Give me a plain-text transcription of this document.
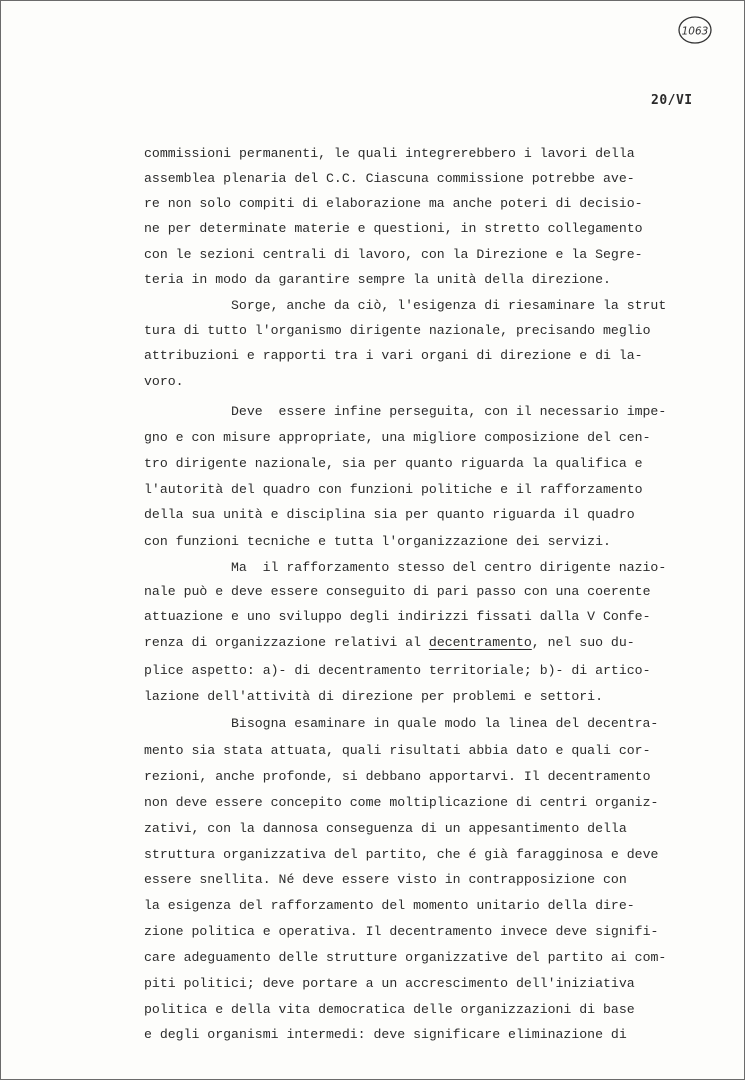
1063
20/VI
commissioni permanenti, le quali integrerebbero i lavori della
assemblea plenaria del C.C. Ciascuna commissione potrebbe ave-
re non solo compiti di elaborazione ma anche poteri di decisio-
ne per determinate materie e questioni, in stretto collegamento
con le sezioni centrali di lavoro, con la Direzione e la Segre-
teria in modo da garantire sempre la unità della direzione.
Sorge, anche da ciò, l'esigenza di riesaminare la strut
tura di tutto l'organismo dirigente nazionale, precisando meglio
attribuzioni e rapporti tra i vari organi di direzione e di la-
voro.
Deve  essere infine perseguita, con il necessario impe-
gno e con misure appropriate, una migliore composizione del cen-
tro dirigente nazionale, sia per quanto riguarda la qualifica e
l'autorità del quadro con funzioni politiche e il rafforzamento
della sua unità e disciplina sia per quanto riguarda il quadro
con funzioni tecniche e tutta l'organizzazione dei servizi.
Ma  il rafforzamento stesso del centro dirigente nazio-
nale può e deve essere conseguito di pari passo con una coerente
attuazione e uno sviluppo degli indirizzi fissati dalla V Confe-
renza di organizzazione relativi al decentramento, nel suo du-
plice aspetto: a)- di decentramento territoriale; b)- di artico-
lazione dell'attività di direzione per problemi e settori.
Bisogna esaminare in quale modo la linea del decentra-
mento sia stata attuata, quali risultati abbia dato e quali cor-
rezioni, anche profonde, si debbano apportarvi. Il decentramento
non deve essere concepito come moltiplicazione di centri organiz-
zativi, con la dannosa conseguenza di un appesantimento della
struttura organizzativa del partito, che é già faragginosa e deve
essere snellita. Né deve essere visto in contrapposizione con
la esigenza del rafforzamento del momento unitario della dire-
zione politica e operativa. Il decentramento invece deve signifi-
care adeguamento delle strutture organizzative del partito ai com-
piti politici; deve portare a un accrescimento dell'iniziativa
politica e della vita democratica delle organizzazioni di base
e degli organismi intermedi: deve significare eliminazione di
